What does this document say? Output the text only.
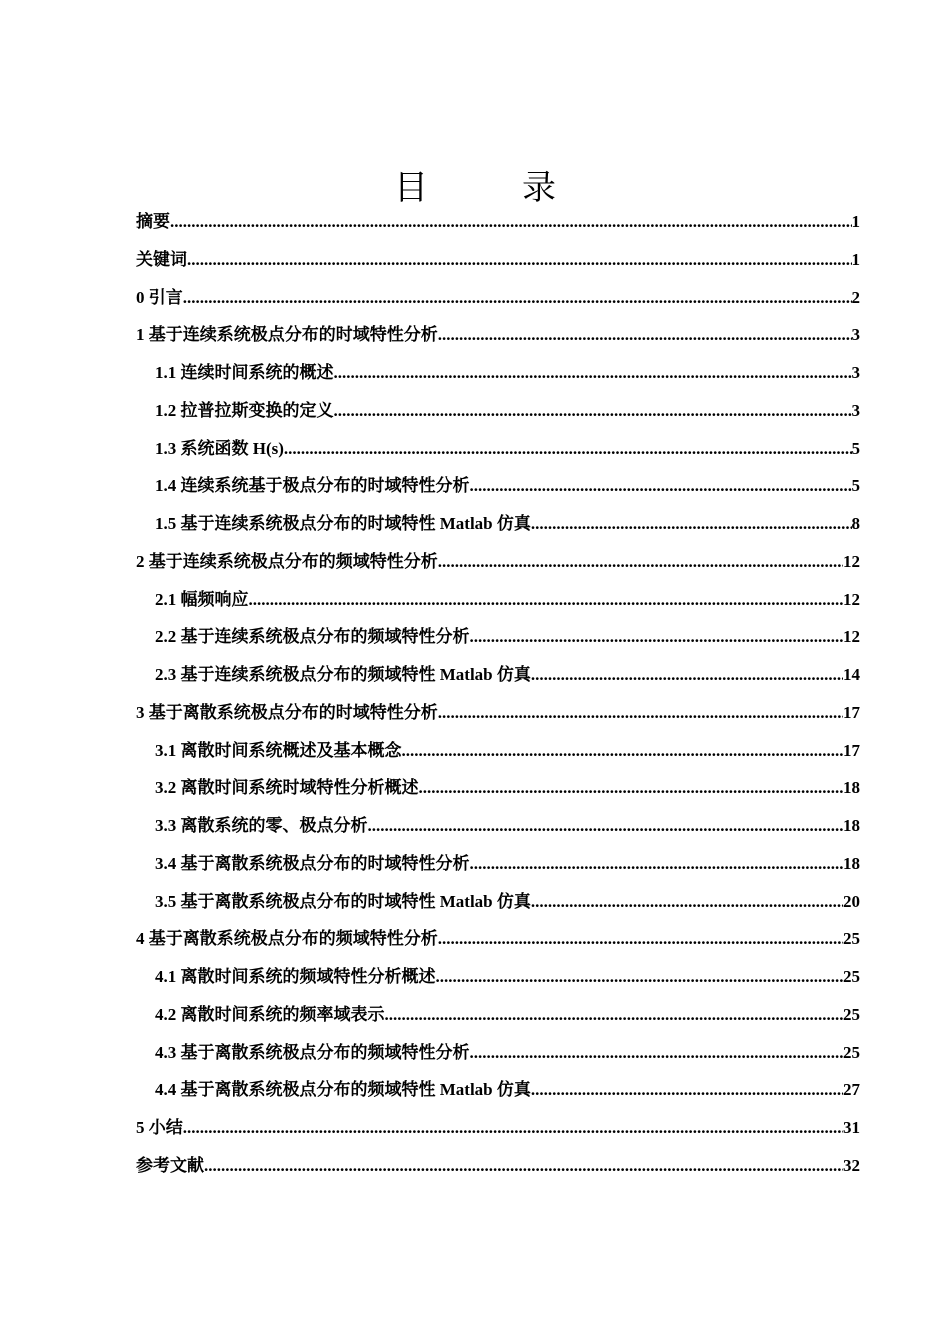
目　录
摘要 .....	1
关键词 .....	1
0 引言 .....	2
1 基于连续系统极点分布的时域特性分析 .....	3
1.1 连续时间系统的概述 .....	3
1.2 拉普拉斯变换的定义 .....	3
1.3 系统函数 H(s) .....	5
1.4 连续系统基于极点分布的时域特性分析 .....	5
1.5 基于连续系统极点分布的时域特性 Matlab 仿真 .....	8
2 基于连续系统极点分布的频域特性分析 .....	12
2.1 幅频响应 .....	12
2.2 基于连续系统极点分布的频域特性分析 .....	12
2.3 基于连续系统极点分布的频域特性 Matlab 仿真 .....	14
3 基于离散系统极点分布的时域特性分析 .....	17
3.1 离散时间系统概述及基本概念 .....	17
3.2 离散时间系统时域特性分析概述 .....	18
3.3 离散系统的零、极点分析 .....	18
3.4 基于离散系统极点分布的时域特性分析 .....	18
3.5 基于离散系统极点分布的时域特性 Matlab 仿真 .....	20
4 基于离散系统极点分布的频域特性分析 .....	25
4.1 离散时间系统的频域特性分析概述 .....	25
4.2 离散时间系统的频率域表示 .....	25
4.3 基于离散系统极点分布的频域特性分析 .....	25
4.4 基于离散系统极点分布的频域特性 Matlab 仿真 .....	27
5 小结 .....	31
参考文献 .....	32
